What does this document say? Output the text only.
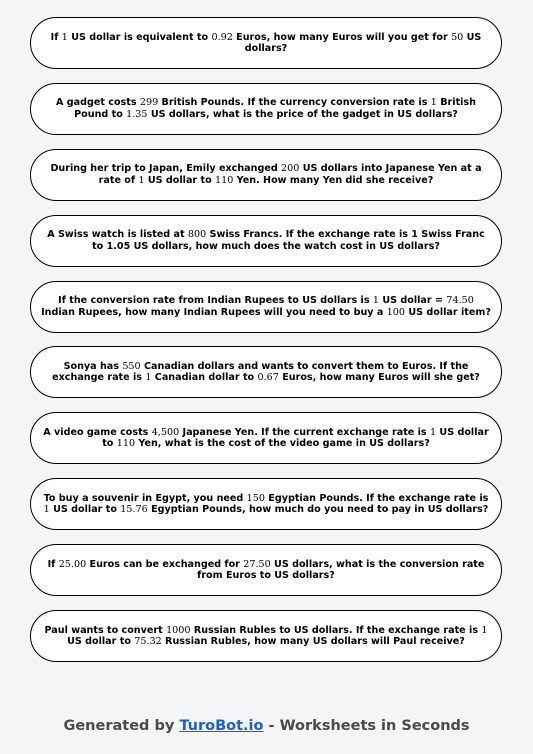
If 1 US dollar is equivalent to 0.92 Euros, how many Euros will you get for 50 US dollars?
A gadget costs 299 British Pounds. If the currency conversion rate is 1 British Pound to 1.35 US dollars, what is the price of the gadget in US dollars?
During her trip to Japan, Emily exchanged 200 US dollars into Japanese Yen at a rate of 1 US dollar to 110 Yen. How many Yen did she receive?
A Swiss watch is listed at 800 Swiss Francs. If the exchange rate is 1 Swiss Franc to 1.05 US dollars, how much does the watch cost in US dollars?
If the conversion rate from Indian Rupees to US dollars is 1 US dollar = 74.50 Indian Rupees, how many Indian Rupees will you need to buy a 100 US dollar item?
Sonya has 550 Canadian dollars and wants to convert them to Euros. If the exchange rate is 1 Canadian dollar to 0.67 Euros, how many Euros will she get?
A video game costs 4,500 Japanese Yen. If the current exchange rate is 1 US dollar to 110 Yen, what is the cost of the video game in US dollars?
To buy a souvenir in Egypt, you need 150 Egyptian Pounds. If the exchange rate is 1 US dollar to 15.76 Egyptian Pounds, how much do you need to pay in US dollars?
If 25.00 Euros can be exchanged for 27.50 US dollars, what is the conversion rate from Euros to US dollars?
Paul wants to convert 1000 Russian Rubles to US dollars. If the exchange rate is 1 US dollar to 75.32 Russian Rubles, how many US dollars will Paul receive?
Generated by TuroBot.io - Worksheets in Seconds
